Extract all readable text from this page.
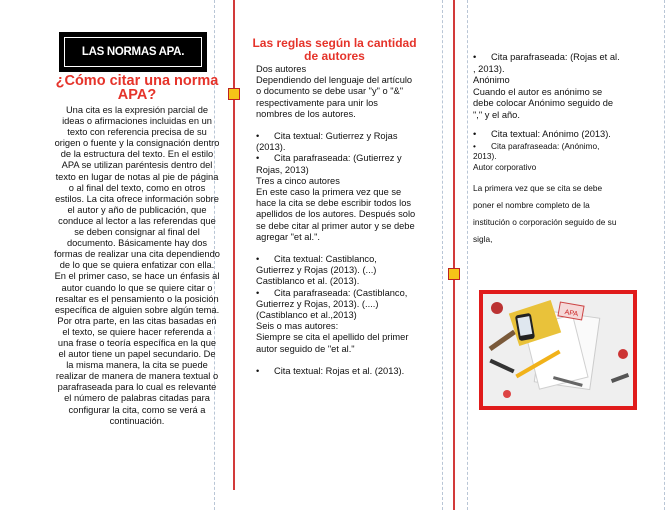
LAS NORMAS APA.
¿Cómo citar una norma APA?

Una cita es la expresión parcial de ideas o afirmaciones incluidas en un texto con referencia precisa de su origen o fuente y la consignación dentro de la estructura del texto. En el estilo APA se utilizan paréntesis dentro del texto en lugar de notas al pie de página o al final del texto, como en otros estilos. La cita ofrece información sobre el autor y año de publicación, que conduce al lector a las referendas que se deben consignar al final del documento. Básicamente hay dos formas de realizar una cita dependiendo de lo que se quiera enfatizar con ella. En el primer caso, se hace un énfasis al autor cuando lo que se quiere citar o resaltar es el pensamiento o la posición específica de alguien sobre algún tema. Por otra parte, en las citas basadas en el texto, se quiere hacer referenda a una frase o teoría específica en la que el autor tiene un papel secundario. De la misma manera, la cita se puede realizar de manera de manera textual o parafraseada para lo cual es relevante el número de palabras citadas para configurar la cita, como se verá a continuación.

Las reglas según la cantidad de autores

Dos autores

Dependiendo del lenguaje del artículo o documento se debe usar "y" o "&" respectivamente para unir los nombres de los autores.

• Cita textual: Gutierrez y Rojas (2013).

• Cita parafraseada: (Gutierrez y Rojas, 2013)

Tres a cinco autores

En este caso la primera vez que se hace la cita se debe escribir todos los apellidos de los autores. Después solo se debe citar al primer autor y se debe agregar "et al.".

• Cita textual: Castiblanco, Gutierrez y Rojas (2013). (...) Castiblanco et al. (2013).

• Cita parafraseada: (Castiblanco, Gutierrez y Rojas, 2013). (....) (Castiblanco et al.,2013)

Seis o mas autores:

Siempre se cita el apellido del primer autor seguido de "et al."

• Cita textual: Rojas et al. (2013).

• Cita parafraseada: (Rojas et al. , 2013).

Anónimo

Cuando el autor es anónimo se debe colocar Anónimo seguido de "," y el año.

• Cita textual: Anónimo (2013).

• Cita parafraseada: (Anónimo, 2013).

Autor corporativo

La primera vez que se cita se debe poner el nombre completo de la institución o corporación seguido de su sigla,

APA
